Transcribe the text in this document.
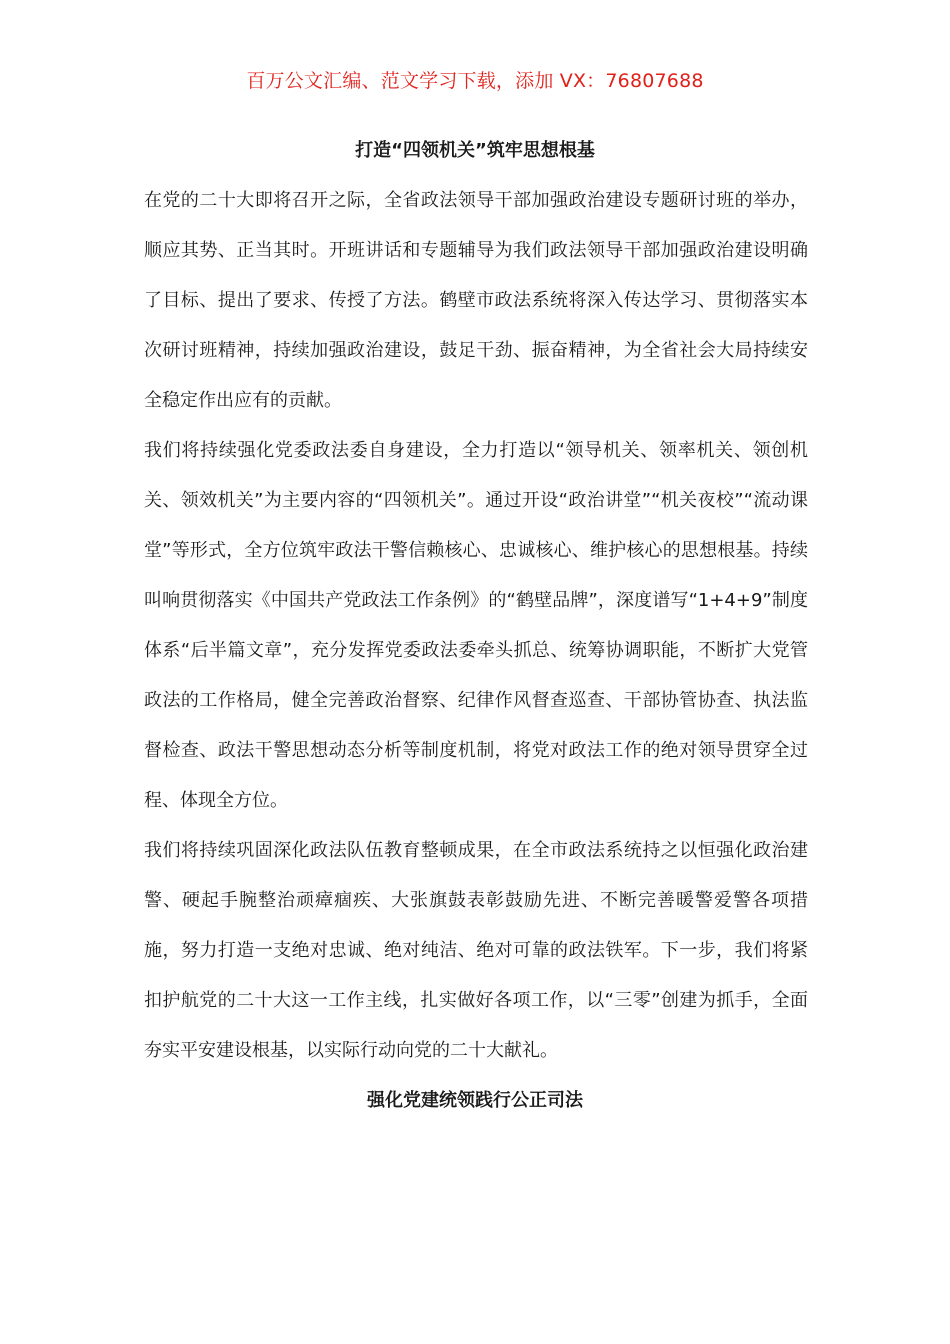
百万公文汇编、范文学习下载，添加 VX：76807688
打造“四领机关”筑牢思想根基

在党的二十大即将召开之际，全省政法领导干部加强政治建设专题研讨班的举办，顺应其势、正当其时。开班讲话和专题辅导为我们政法领导干部加强政治建设明确了目标、提出了要求、传授了方法。鹤壁市政法系统将深入传达学习、贯彻落实本次研讨班精神，持续加强政治建设，鼓足干劲、振奋精神，为全省社会大局持续安全稳定作出应有的贡献。

我们将持续强化党委政法委自身建设，全力打造以“领导机关、领率机关、领创机关、领效机关”为主要内容的“四领机关”。通过开设“政治讲堂”“机关夜校”“流动课堂”等形式，全方位筑牢政法干警信赖核心、忠诚核心、维护核心的思想根基。持续叫响贯彻落实《中国共产党政法工作条例》的“鹤壁品牌”，深度谱写“1+4+9”制度体系“后半篇文章”，充分发挥党委政法委牵头抓总、统筹协调职能，不断扩大党管政法的工作格局，健全完善政治督察、纪律作风督查巡查、干部协管协查、执法监督检查、政法干警思想动态分析等制度机制，将党对政法工作的绝对领导贯穿全过程、体现全方位。

我们将持续巩固深化政法队伍教育整顿成果，在全市政法系统持之以恒强化政治建警、硬起手腕整治顽瘴痼疾、大张旗鼓表彰鼓励先进、不断完善暖警爱警各项措施，努力打造一支绝对忠诚、绝对纯洁、绝对可靠的政法铁军。下一步，我们将紧扣护航党的二十大这一工作主线，扎实做好各项工作，以“三零”创建为抓手，全面夯实平安建设根基，以实际行动向党的二十大献礼。

强化党建统领践行公正司法
